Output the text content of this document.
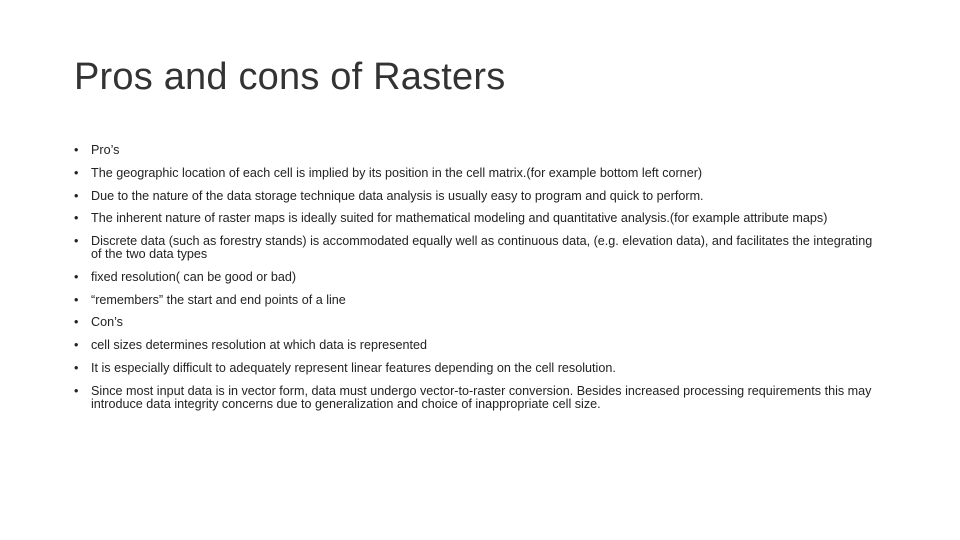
Pros and cons of Rasters
• Pro’s
• The geographic location of each cell is implied by its position in the cell matrix.(for example bottom left corner)
• Due to the nature of the data storage technique data analysis is usually easy to program and quick to perform.
• The inherent nature of raster maps is ideally suited for mathematical modeling and quantitative analysis.(for example attribute maps)
• Discrete data (such as forestry stands) is accommodated equally well as continuous data, (e.g. elevation data), and facilitates the integrating of the two data types
• fixed resolution( can be good or bad)
• “remembers” the start and end points of a line
• Con’s
• cell sizes determines resolution at which data is represented
• It is especially difficult to adequately represent linear features depending on the cell resolution.
• Since most input data is in vector form, data must undergo vector-to-raster conversion. Besides increased processing requirements this may introduce data integrity concerns due to generalization and choice of inappropriate cell size.
